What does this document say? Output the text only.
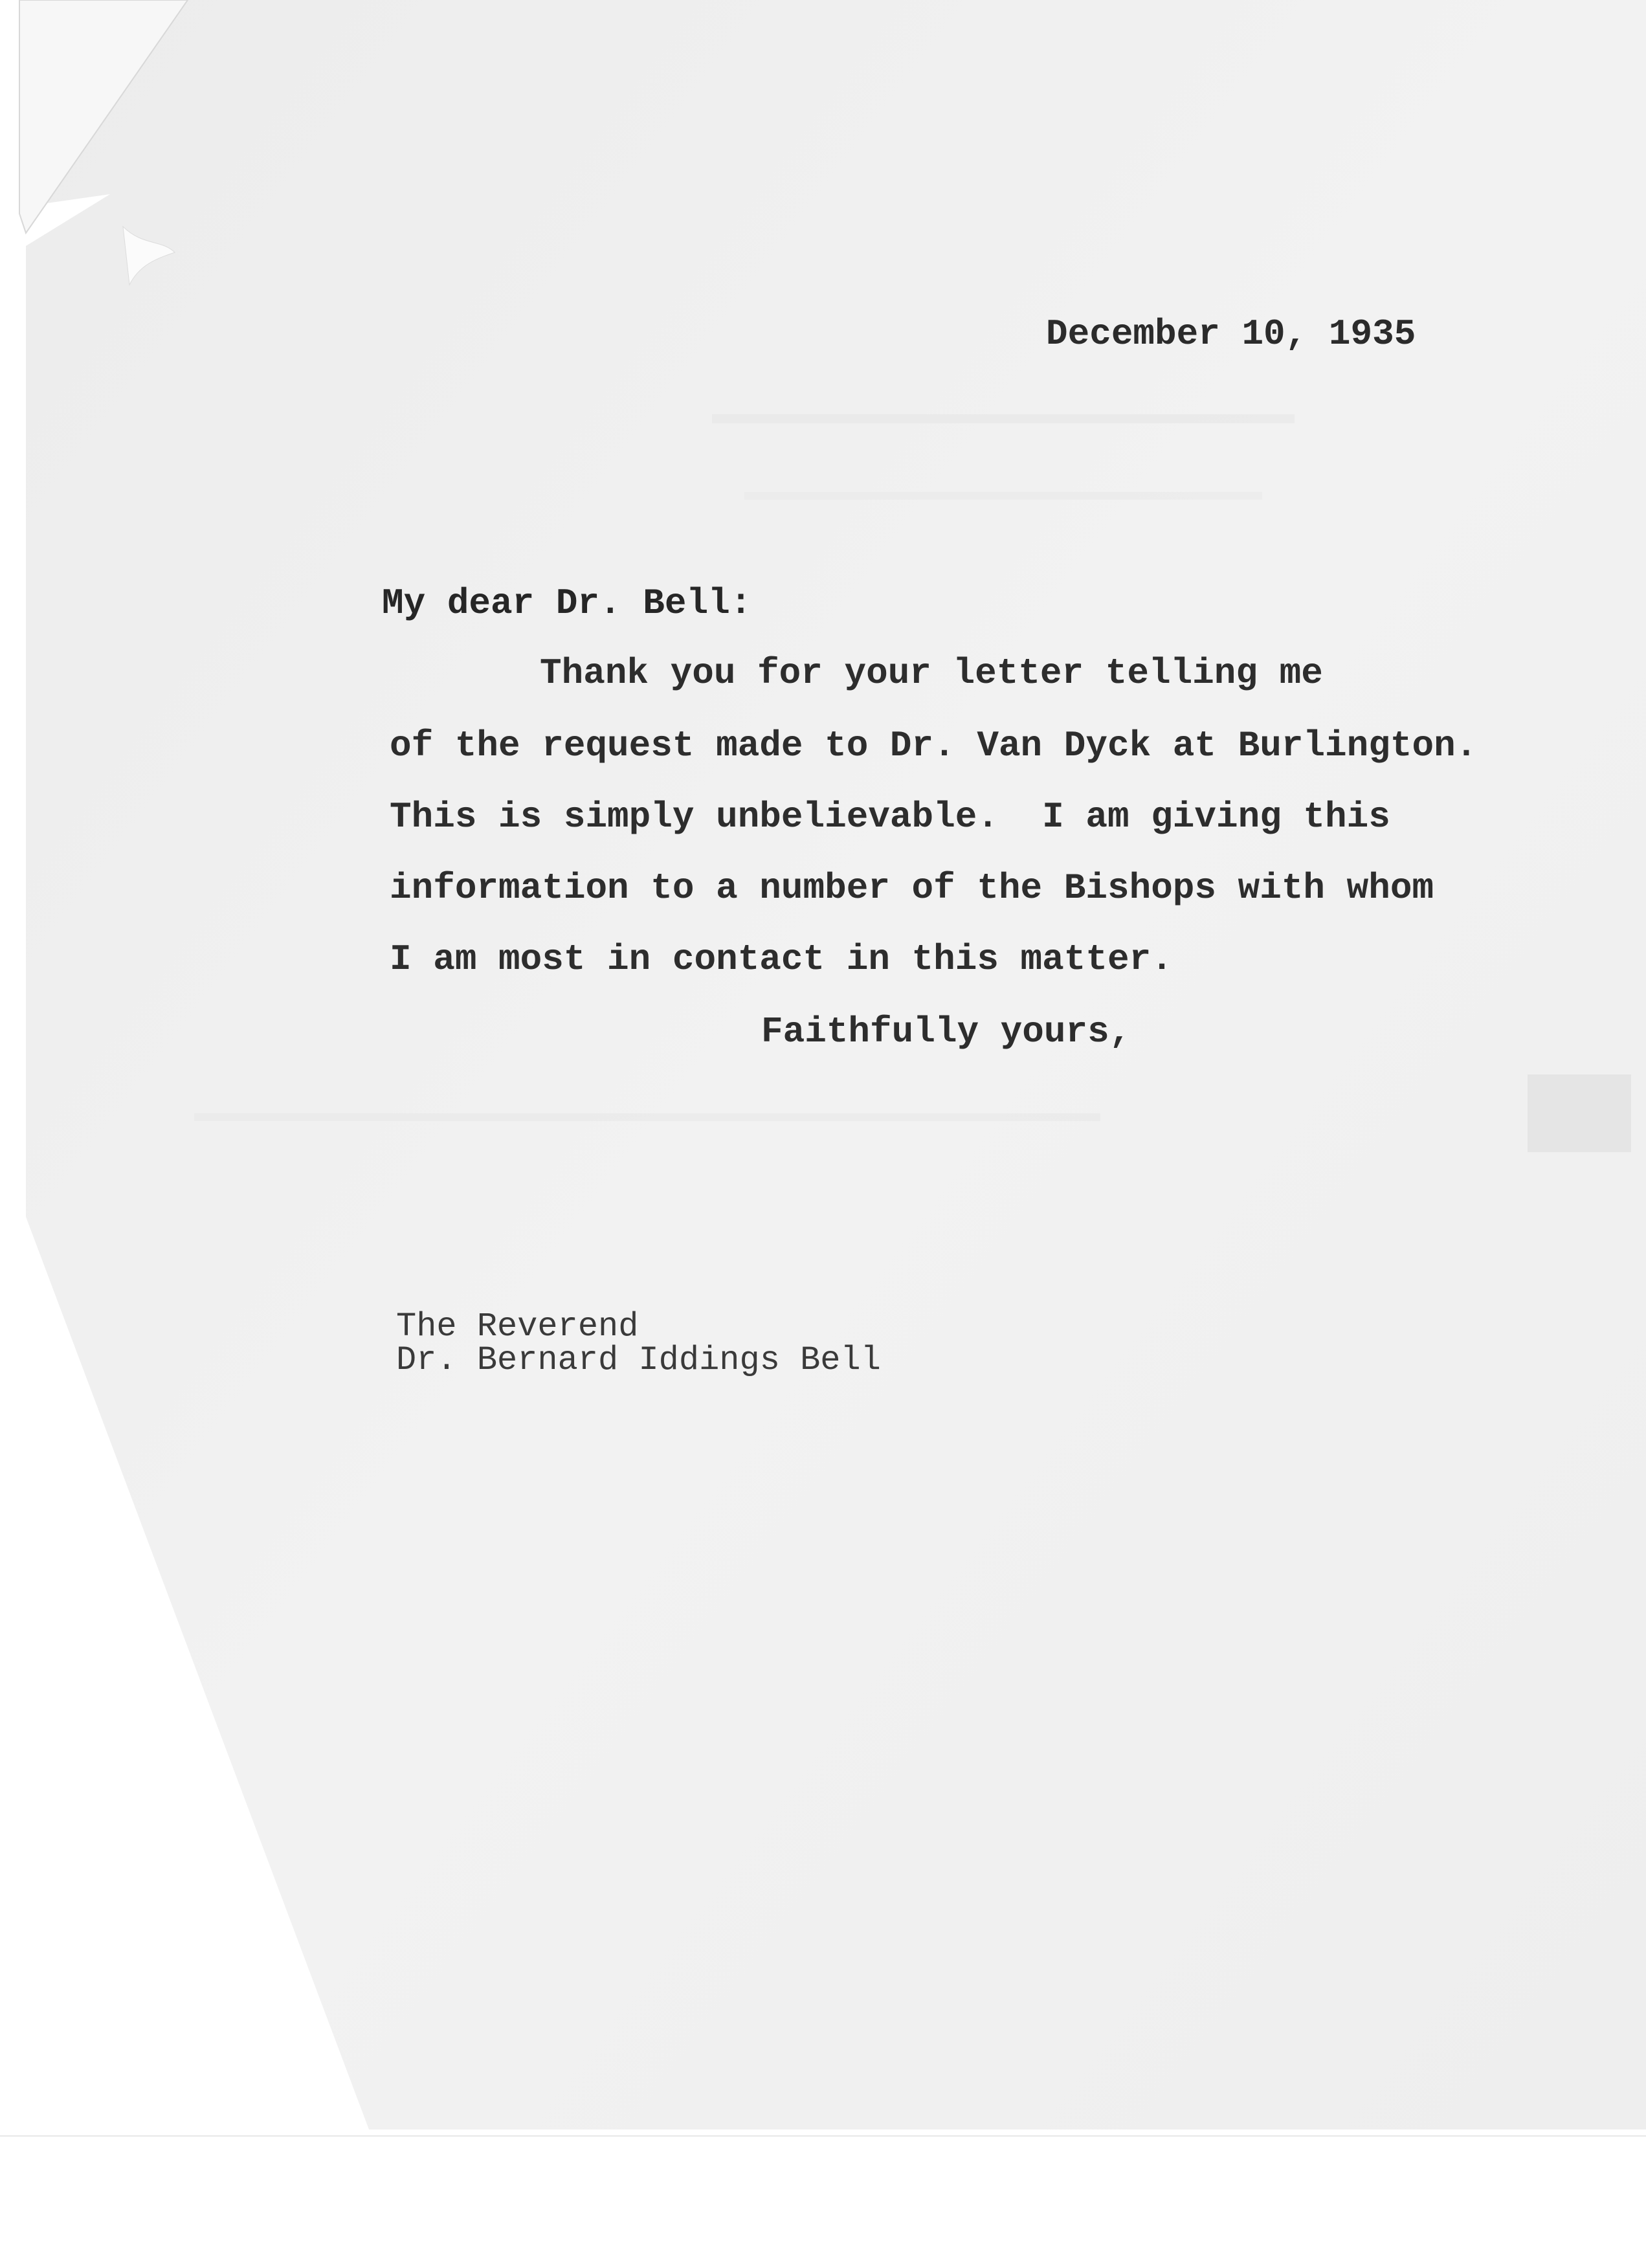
December 10, 1935
My dear Dr. Bell:
Thank you for your letter telling me
of the request made to Dr. Van Dyck at Burlington.
This is simply unbelievable.  I am giving this
information to a number of the Bishops with whom
I am most in contact in this matter.
Faithfully yours,
The Reverend
Dr. Bernard Iddings Bell
